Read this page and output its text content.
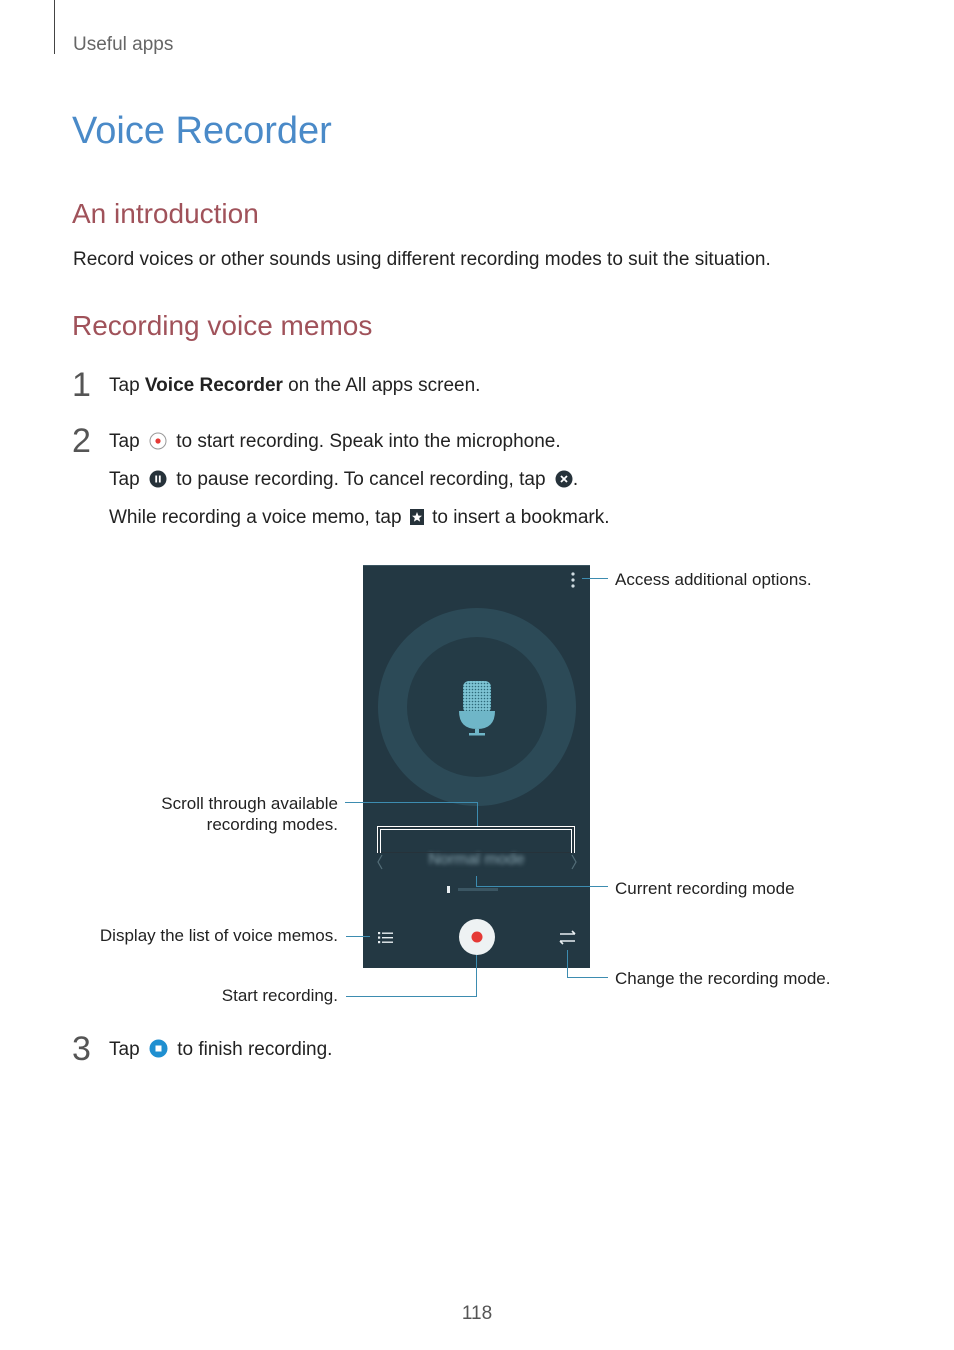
Useful apps
Voice Recorder
An introduction
Record voices or other sounds using different recording modes to suit the situation.
Recording voice memos
1 Tap Voice Recorder on the All apps screen.
2 Tap to start recording. Speak into the microphone.
Tap to pause recording. To cancel recording, tap .
While recording a voice memo, tap to insert a bookmark.
Normal mode
Access additional options.
Scroll through available
recording modes.
Current recording mode
Display the list of voice memos.
Change the recording mode.
Start recording.
3 Tap to finish recording.
118
